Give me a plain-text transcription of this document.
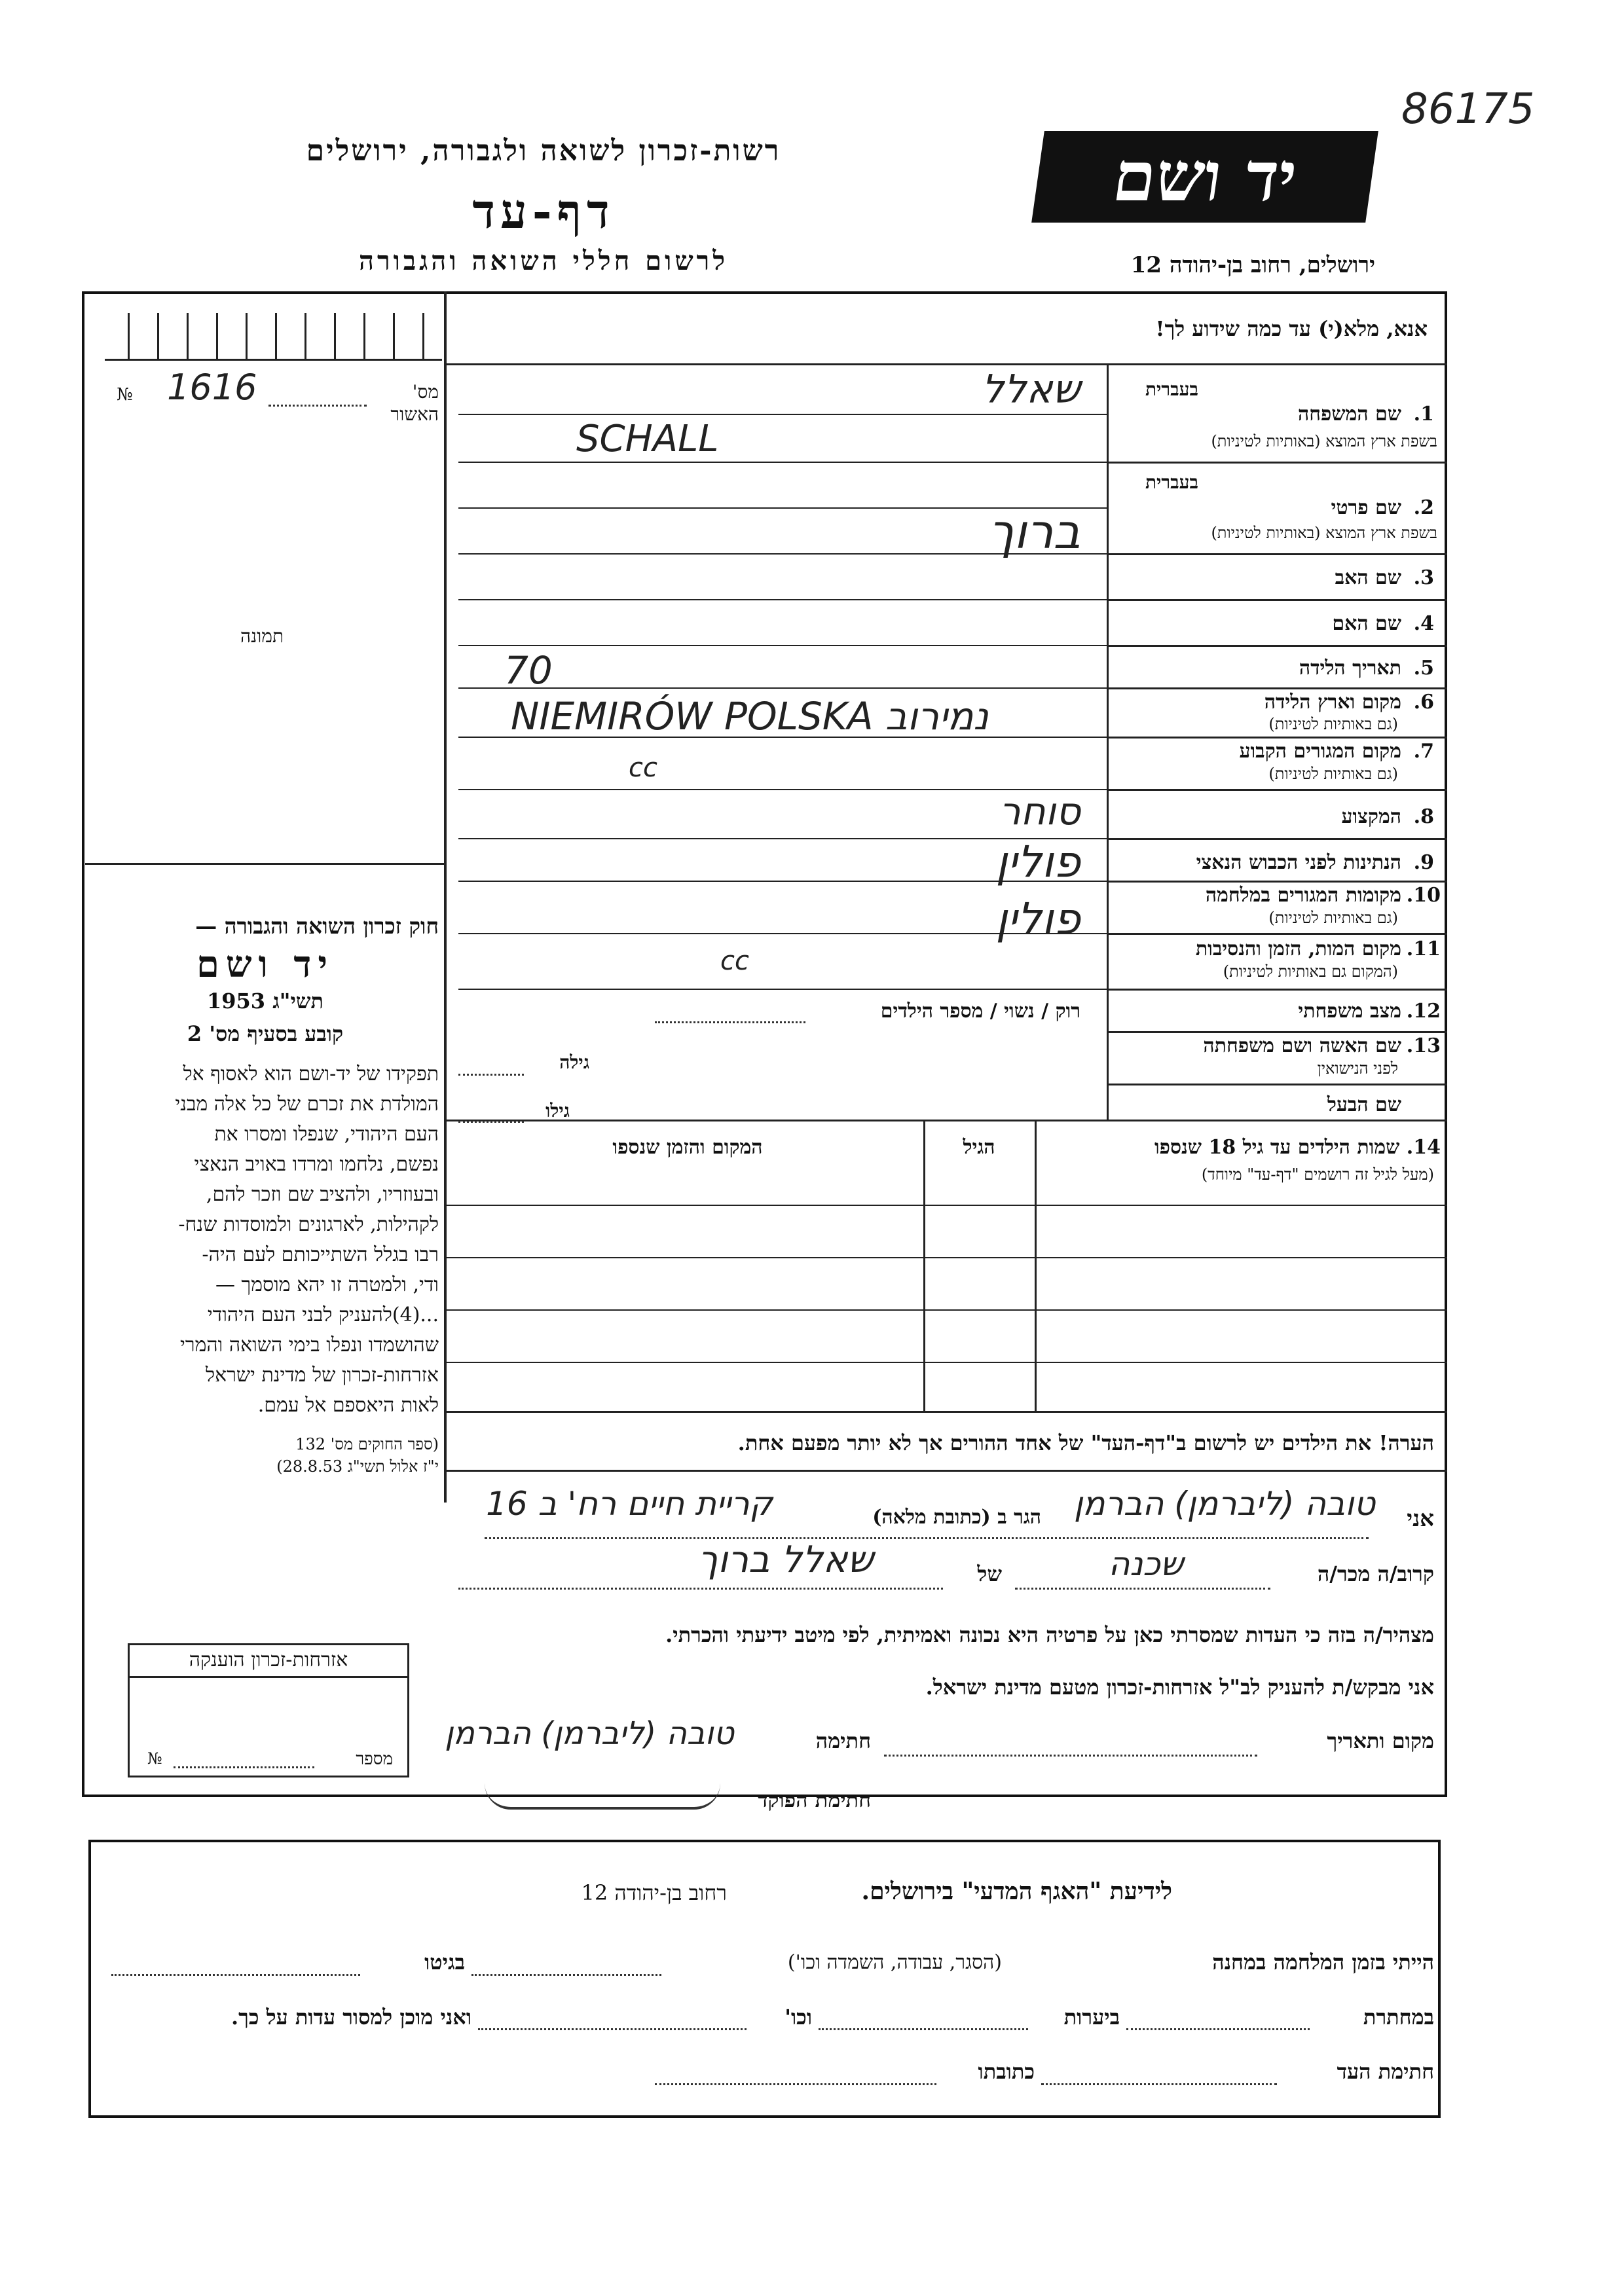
86175
רשות-זכרון לשואה ולגבורה, ירושלים
דף-עד
לרשום חללי השואה והגבורה
יד ושם
ירושלים, רחוב בן-יהודה 12
№ 1616	מס' האשור
תמונה
חוק זכרון השואה והגבורה —
יד ושם
תשי"ג 1953
קובע בסעיף מס' 2
תפקידו של יד-ושם הוא לאסוף אל
המולדת את זכרם של כל אלה מבני
העם היהודי, שנפלו ומסרו את
נפשם, נלחמו ומרדו באויב הנאצי
ובעוזריו, ולהציב שם וזכר להם,
לקהילות, לארגונים ולמוסדות שנח-
רבו בגלל השתייכותם לעם היה-
ודי, ולמטרה זו יהא מוסמך —
...(4)להעניק לבני העם היהודי
שהושמדו ונפלו בימי השואה והמרי
אזרחות-זכרון של מדינת ישראל
לאות היאספם אל עמם.
(ספר החוקים מס' 132
י"ז אלול תשי"ג 28.8.53)
אנא, מלא(י) עד כמה שידוע לך!
בעברית
1.
שם המשפחה
בשפת ארץ המוצא (באותיות לטיניות)
שאלל
SCHALL
בעברית
2.
שם פרטי
בשפת ארץ המוצא (באותיות לטיניות)
ברוך
3.
שם האב
4.
שם האם
5.
תאריך הלידה
70
6.
מקום וארץ הלידה
(גם באותיות לטיניות)
NIEMIRÓW POLSKA נמירוב
7.
מקום המגורים הקבוע
(גם באותיות לטיניות)
cc
8.
המקצוע
סוחר
9.
הנתינות לפני הכבוש הנאצי
פולין
10.
מקומות המגורים במלחמה
(גם באותיות לטיניות)
פולין
11.
מקום המות, הזמן והנסיבות
(המקום גם באותיות לטיניות)
cc
12.
מצב משפחתי
רוק / נשוי / מספר הילדים
13.
שם האשה ושם משפחתה
לפני הנישואין
גילה
שם הבעל
גילו
14. שמות הילדים עד גיל 18 שנספו
(מעל לגיל זה רושמים "דף-עד" מיוחד)
הגיל
המקום והזמן שנספו
הערה! את הילדים יש לרשום ב"דף-העד" של אחד ההורים אך לא יותר מפעם אחת.
אני
טובה (ליברמן) הברמן
הגר ב (כתובת מלאה)
קריית חיים רח' ב 16
קרוב/ה מכר/ה
שכנה
של
שאלל ברוך
מצהיר/ה בזה כי העדות שמסרתי כאן על פרטיה היא נכונה ואמיתית, לפי מיטב ידיעתי והכרתי.
אני מבקש/ת להעניק לב"ל אזרחות-זכרון מטעם מדינת ישראל.
מקום ותאריך
חתימה
טובה (ליברמן) הברמן
חתימת הפוקד
אזרחות-זכרון הוענקה
№	מספר
לידיעת "האגף המדעי" בירושלים.
רחוב בן-יהודה 12
הייתי בזמן המלחמה במחנה
(הסגר, עבודה, השמדה וכו')
בגיטו
במחתרת
ביערות
וכו'
ואני מוכן למסור עדות על כך.
חתימת העד
כתובתו
